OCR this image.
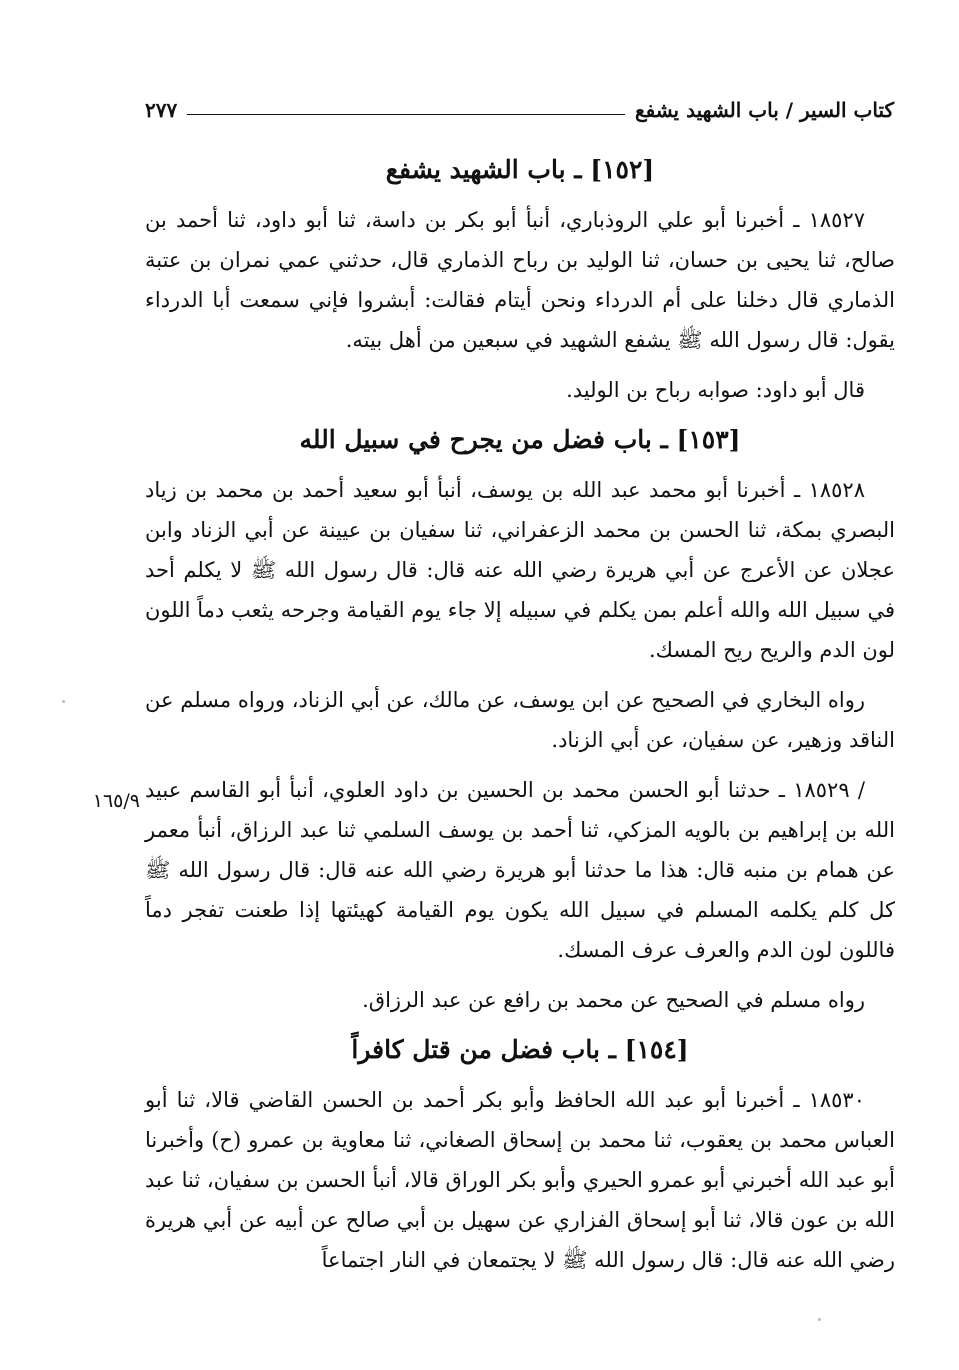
كتاب السير / باب الشهيد يشفع
٢٧٧
١٦٥/٩
[١٥٢] ـ باب الشهيد يشفع

١٨٥٢٧ ـ أخبرنا أبو علي الروذباري، أنبأ أبو بكر بن داسة، ثنا أبو داود، ثنا أحمد بن صالح، ثنا يحيى بن حسان، ثنا الوليد بن رباح الذماري قال، حدثني عمي نمران بن عتبة الذماري قال دخلنا على أم الدرداء ونحن أيتام فقالت: أبشروا فإني سمعت أبا الدرداء يقول: قال رسول الله ﷺ يشفع الشهيد في سبعين من أهل بيته.

قال أبو داود: صوابه رباح بن الوليد.

[١٥٣] ـ باب فضل من يجرح في سبيل الله

١٨٥٢٨ ـ أخبرنا أبو محمد عبد الله بن يوسف، أنبأ أبو سعيد أحمد بن محمد بن زياد البصري بمكة، ثنا الحسن بن محمد الزعفراني، ثنا سفيان بن عيينة عن أبي الزناد وابن عجلان عن الأعرج عن أبي هريرة رضي الله عنه قال: قال رسول الله ﷺ لا يكلم أحد في سبيل الله والله أعلم بمن يكلم في سبيله إلا جاء يوم القيامة وجرحه يثعب دماً اللون لون الدم والريح ريح المسك.

رواه البخاري في الصحيح عن ابن يوسف، عن مالك، عن أبي الزناد، ورواه مسلم عن الناقد وزهير، عن سفيان، عن أبي الزناد.

/ ١٨٥٢٩ ـ حدثنا أبو الحسن محمد بن الحسين بن داود العلوي، أنبأ أبو القاسم عبيد الله بن إبراهيم بن بالويه المزكي، ثنا أحمد بن يوسف السلمي ثنا عبد الرزاق، أنبأ معمر عن همام بن منبه قال: هذا ما حدثنا أبو هريرة رضي الله عنه قال: قال رسول الله ﷺ كل كلم يكلمه المسلم في سبيل الله يكون يوم القيامة كهيئتها إذا طعنت تفجر دماً فاللون لون الدم والعرف عرف المسك.

رواه مسلم في الصحيح عن محمد بن رافع عن عبد الرزاق.

[١٥٤] ـ باب فضل من قتل كافراً

١٨٥٣٠ ـ أخبرنا أبو عبد الله الحافظ وأبو بكر أحمد بن الحسن القاضي قالا، ثنا أبو العباس محمد بن يعقوب، ثنا محمد بن إسحاق الصغاني، ثنا معاوية بن عمرو (ح) وأخبرنا أبو عبد الله أخبرني أبو عمرو الحيري وأبو بكر الوراق قالا، أنبأ الحسن بن سفيان، ثنا عبد الله بن عون قالا، ثنا أبو إسحاق الفزاري عن سهيل بن أبي صالح عن أبيه عن أبي هريرة رضي الله عنه قال: قال رسول الله ﷺ لا يجتمعان في النار اجتماعاً
